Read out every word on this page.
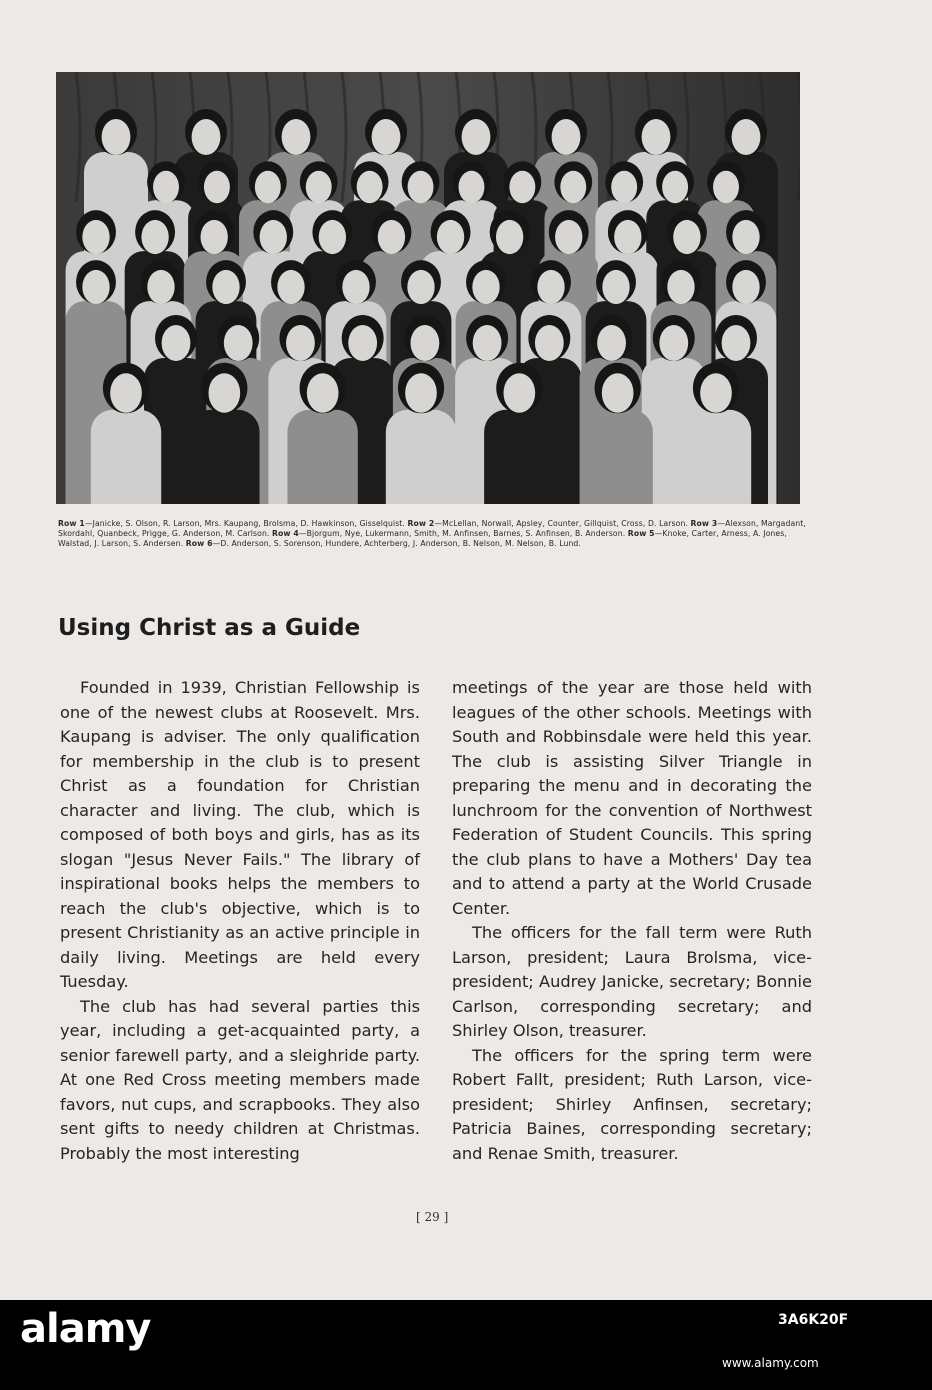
Row 1—Janicke, S. Olson, R. Larson, Mrs. Kaupang, Brolsma, D. Hawkinson, Gisselquist. Row 2—McLellan, Norwall, Apsley, Counter, Gillquist, Cross, D. Larson. Row 3—Alexson, Margadant, Skordahl, Quanbeck, Prigge, G. Anderson, M. Carlson. Row 4—Bjorgum, Nye, Lukermann, Smith, M. Anfinsen, Barnes, S. Anfinsen, B. Anderson. Row 5—Knoke, Carter, Arness, A. Jones, Walstad, J. Larson, S. Andersen. Row 6—D. Anderson, S. Sorenson, Hundere, Achterberg, J. Anderson, B. Nelson, M. Nelson, B. Lund.
Using Christ as a Guide

Founded in 1939, Christian Fellowship is one of the newest clubs at Roosevelt. Mrs. Kaupang is adviser. The only qualification for membership in the club is to present Christ as a foundation for Christian character and living. The club, which is composed of both boys and girls, has as its slogan "Jesus Never Fails." The library of inspirational books helps the members to reach the club's objective, which is to present Christianity as an active principle in daily living. Meetings are held every Tuesday.

The club has had several parties this year, including a get-acquainted party, a senior farewell party, and a sleighride party. At one Red Cross meeting members made favors, nut cups, and scrapbooks. They also sent gifts to needy children at Christmas. Probably the most interesting

meetings of the year are those held with leagues of the other schools. Meetings with South and Robbinsdale were held this year. The club is assisting Silver Triangle in preparing the menu and in decorating the lunchroom for the convention of Northwest Federation of Student Councils. This spring the club plans to have a Mothers' Day tea and to attend a party at the World Crusade Center.

The officers for the fall term were Ruth Larson, president; Laura Brolsma, vice-president; Audrey Janicke, secretary; Bonnie Carlson, corresponding secretary; and Shirley Olson, treasurer.

The officers for the spring term were Robert Fallt, president; Ruth Larson, vice-president; Shirley Anfinsen, secretary; Patricia Baines, corresponding secretary; and Renae Smith, treasurer.

[ 29 ]
alamy	3A6K20F
www.alamy.com
